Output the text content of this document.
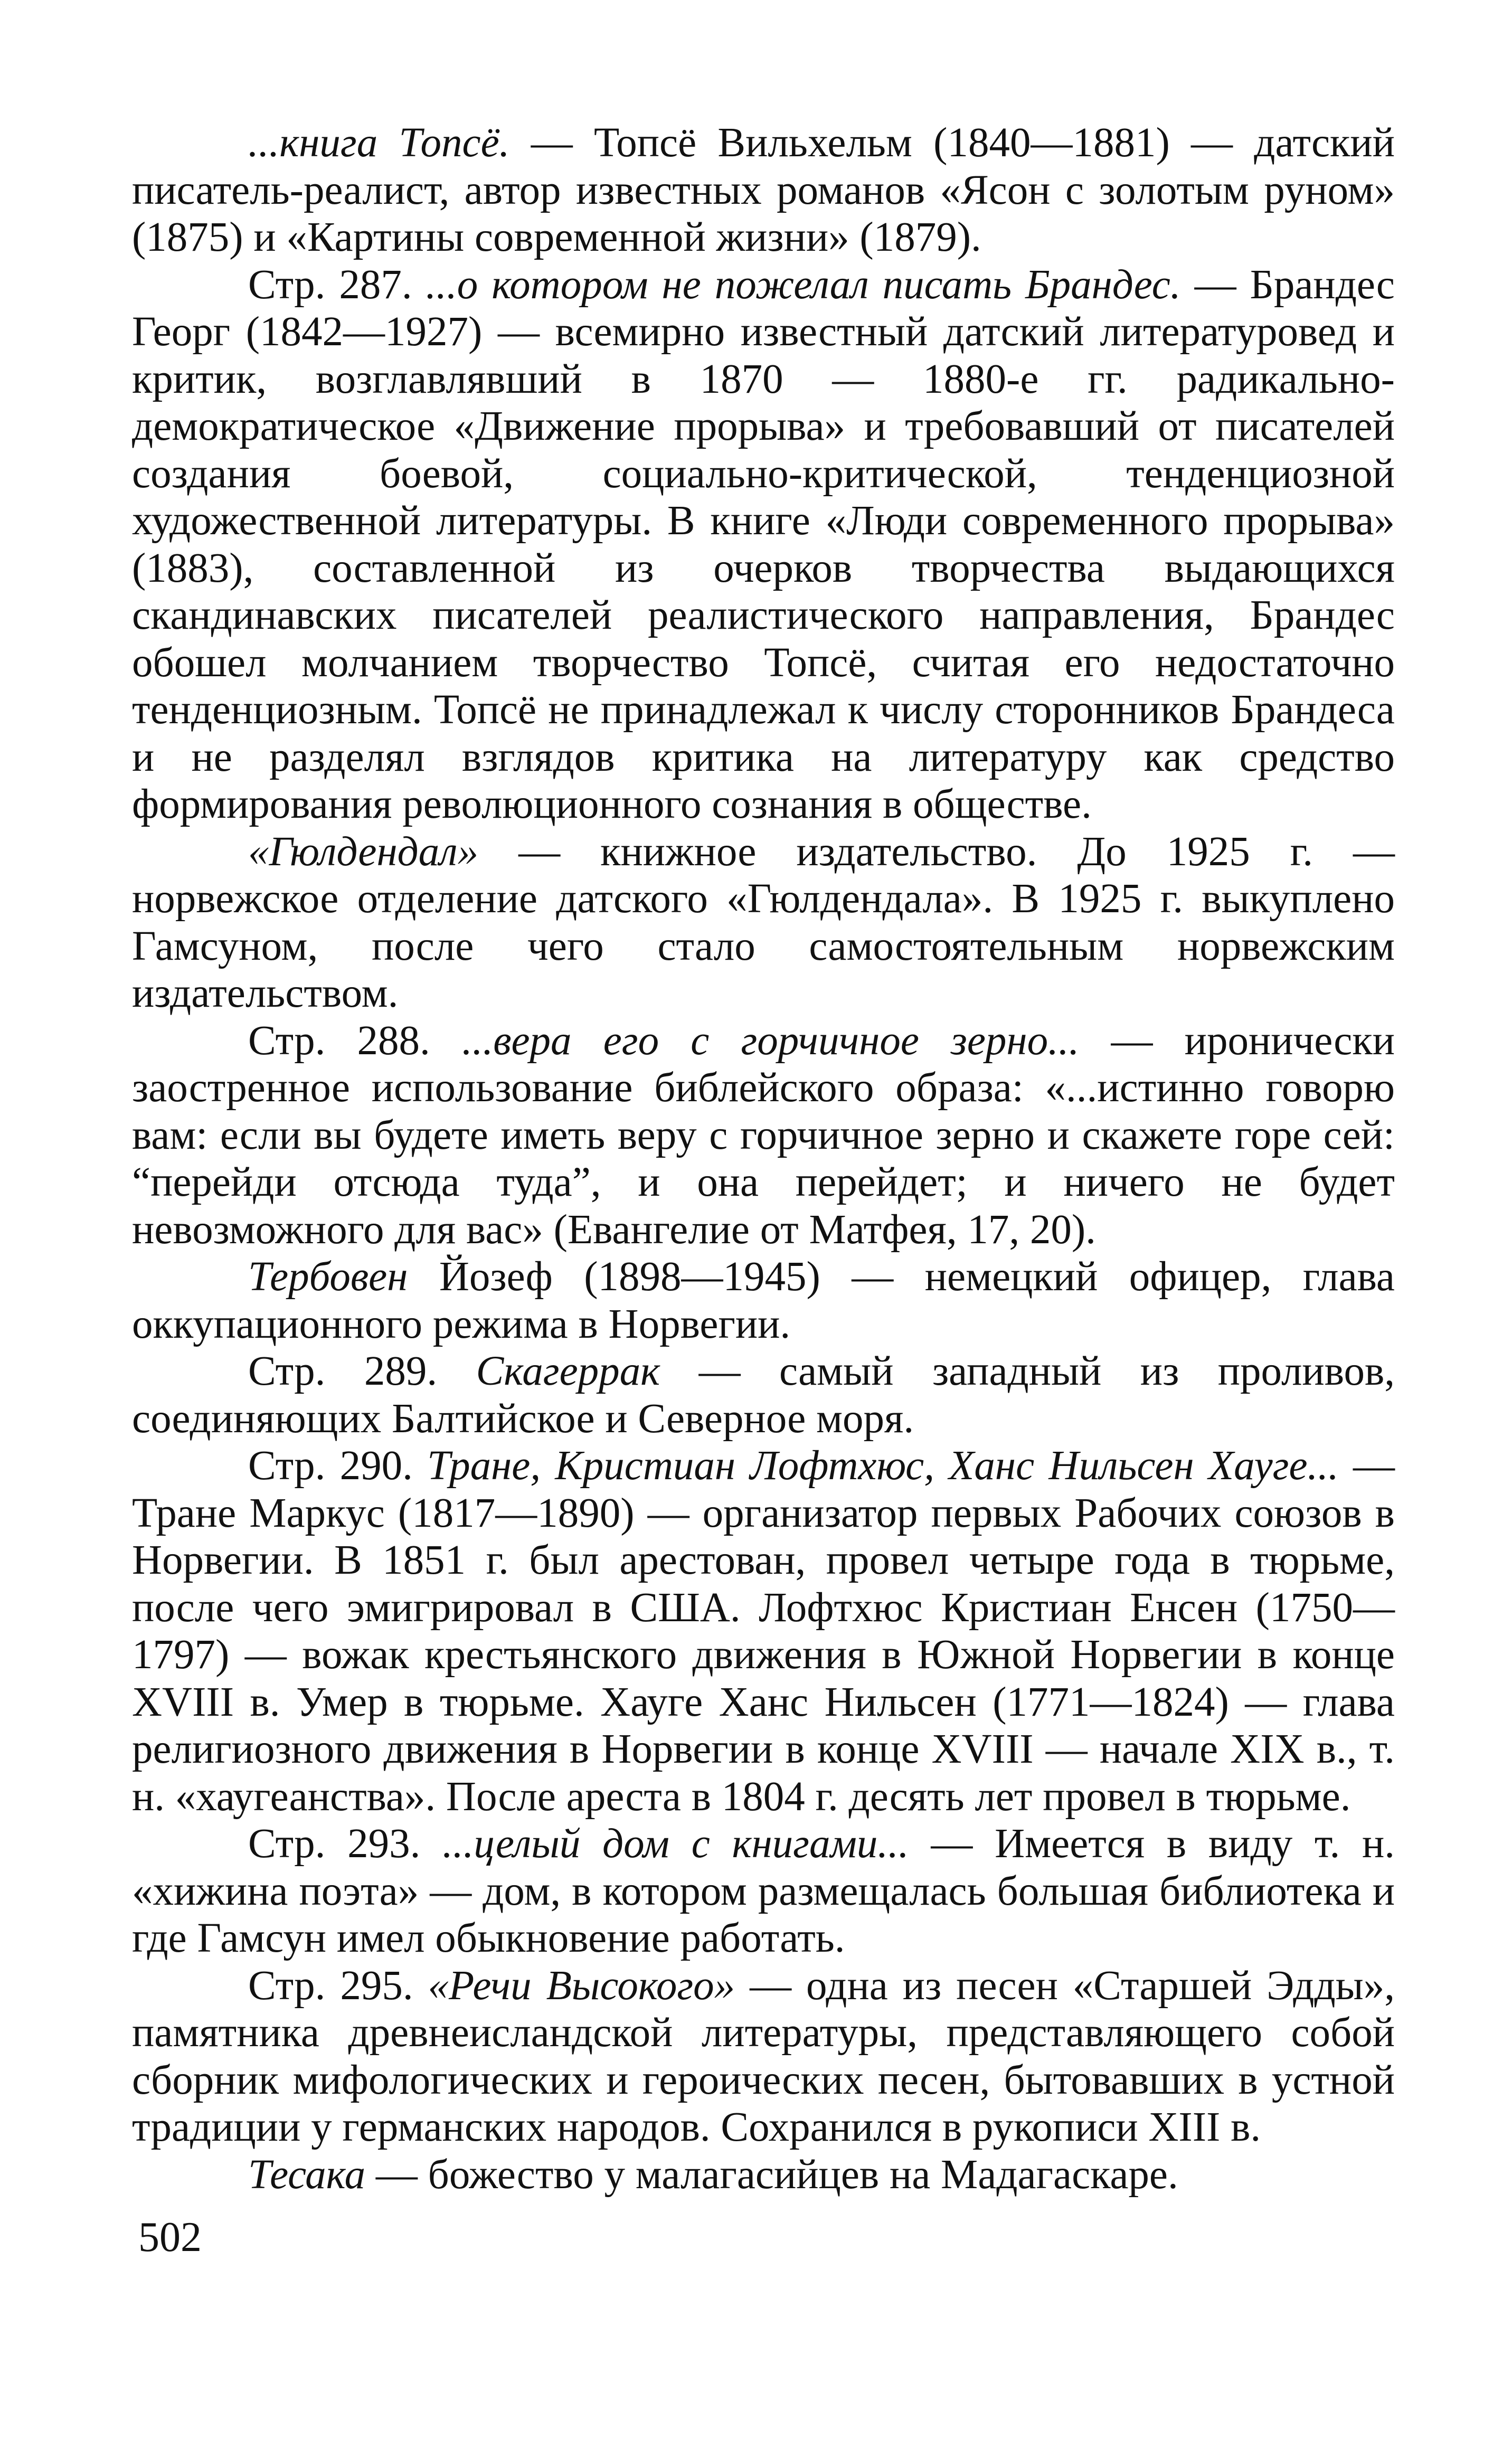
...книга Топсё. — Топсё Вильхельм (1840—1881) — датский писатель-реалист, автор известных романов «Ясон с золотым руном» (1875) и «Картины современной жизни» (1879).

Стр. 287. ...о котором не пожелал писать Брандес. — Брандес Георг (1842—1927) — всемирно известный датский литературовед и критик, возглавлявший в 1870 — 1880-е гг. радикально-демократическое «Движение прорыва» и требовавший от писателей создания боевой, социально-критической, тенденциозной художественной литературы. В книге «Люди современного прорыва» (1883), составленной из очерков творчества выдающихся скандинавских писателей реалистического направления, Брандес обошел молчанием творчество Топсё, считая его недостаточно тенденциозным. Топсё не принадлежал к числу сторонников Брандеса и не разделял взглядов критика на литературу как средство формирования революционного сознания в обществе.

«Гюлдендал» — книжное издательство. До 1925 г. — норвежское отделение датского «Гюлдендала». В 1925 г. выкуплено Гамсуном, после чего стало самостоятельным норвежским издательством.

Стр. 288. ...вера его с горчичное зерно... — иронически заостренное использование библейского образа: «...истинно говорю вам: если вы будете иметь веру с горчичное зерно и скажете горе сей: “перейди отсюда туда”, и она перейдет; и ничего не будет невозможного для вас» (Евангелие от Матфея, 17, 20).

Тербовен Йозеф (1898—1945) — немецкий офицер, глава оккупационного режима в Норвегии.

Стр. 289. Скагеррак — самый западный из проливов, соединяющих Балтийское и Северное моря.

Стр. 290. Тране, Кристиан Лофтхюс, Ханс Нильсен Хауге... — Тране Маркус (1817—1890) — организатор первых Рабочих союзов в Норвегии. В 1851 г. был арестован, провел четыре года в тюрьме, после чего эмигрировал в США. Лофтхюс Кристиан Енсен (1750—1797) — вожак крестьянского движения в Южной Норвегии в конце XVIII в. Умер в тюрьме. Хауге Ханс Нильсен (1771—1824) — глава религиозного движения в Норвегии в конце XVIII — начале XIX в., т. н. «хаугеанства». После ареста в 1804 г. десять лет провел в тюрьме.

Стр. 293. ...целый дом с книгами... — Имеется в виду т. н. «хижина поэта» — дом, в котором размещалась большая библиотека и где Гамсун имел обыкновение работать.

Стр. 295. «Речи Высокого» — одна из песен «Старшей Эдды», памятника древнеисландской литературы, представляющего собой сборник мифологических и героических песен, бытовавших в устной традиции у германских народов. Сохранился в рукописи XIII в.

Тесака — божество у малагасийцев на Мадагаскаре.

502
